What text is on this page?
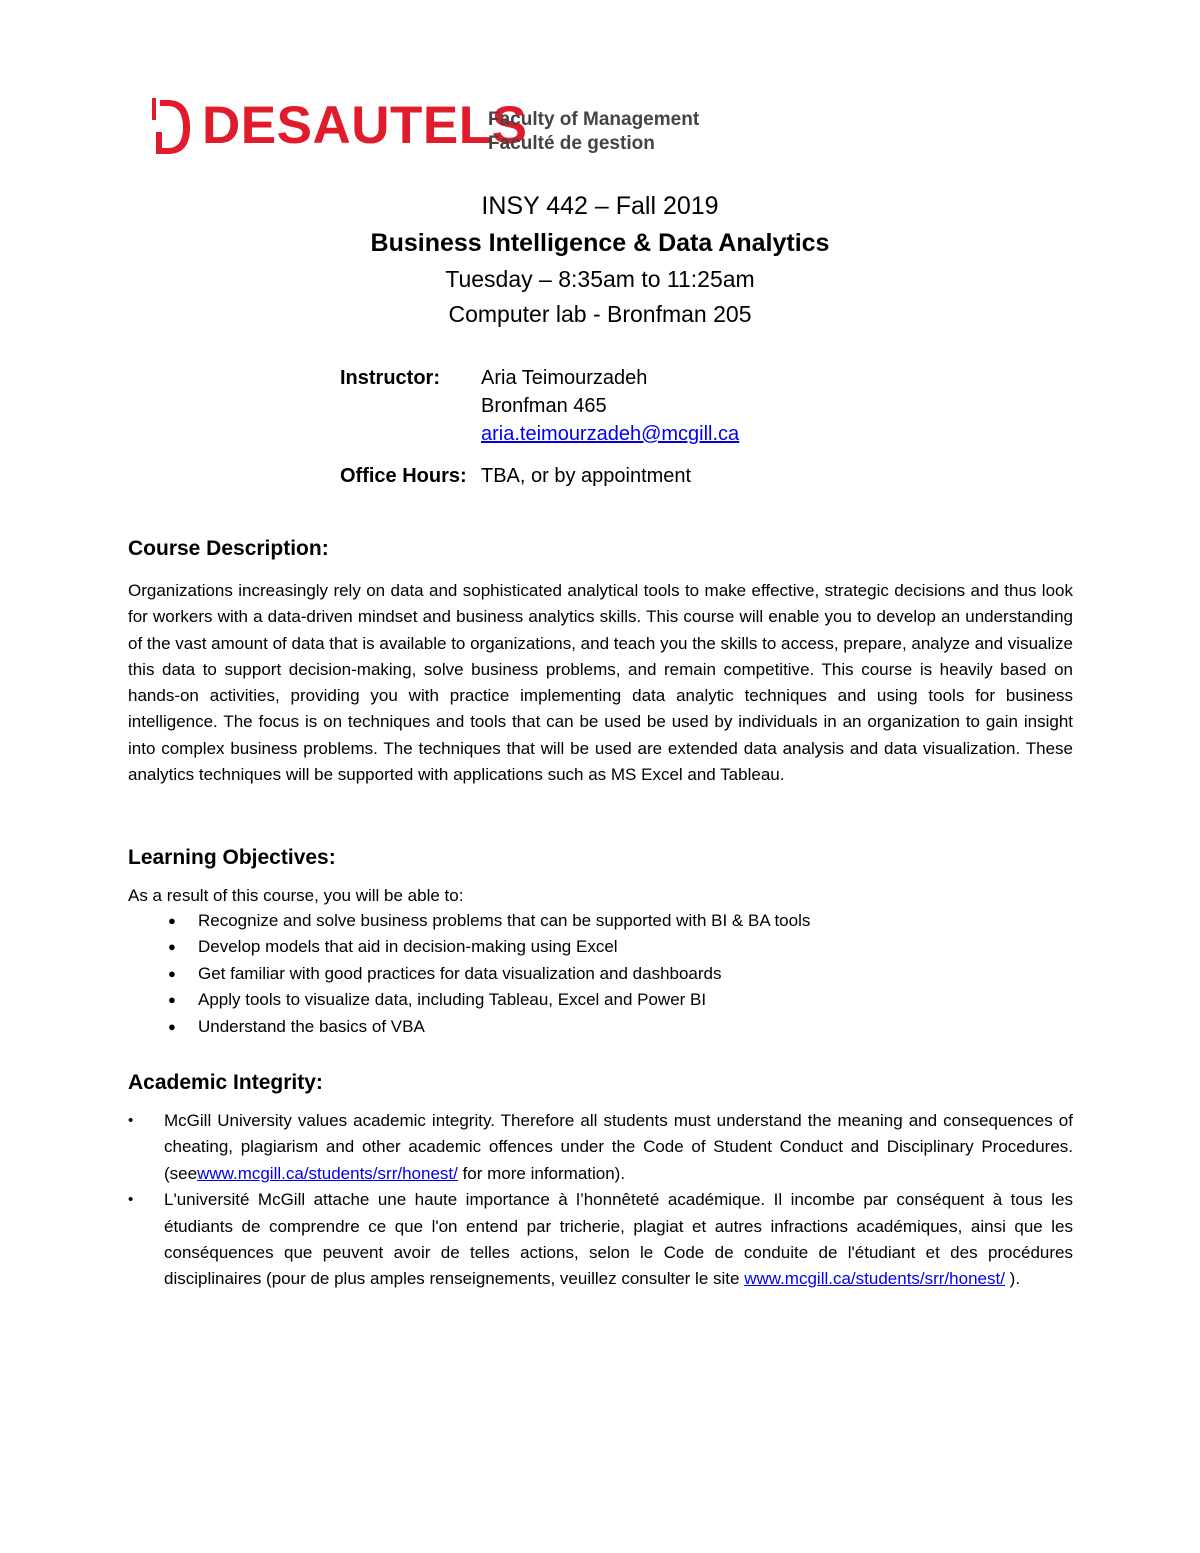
DESAUTELS
Faculty of Management
Faculté de gestion
INSY 442 – Fall 2019
Business Intelligence & Data Analytics
Tuesday – 8:35am to 11:25am
Computer lab - Bronfman 205
Instructor: Aria Teimourzadeh
Bronfman 465
aria.teimourzadeh@mcgill.ca
Office Hours: TBA, or by appointment
Course Description:
Organizations increasingly rely on data and sophisticated analytical tools to make effective, strategic decisions and thus look for workers with a data-driven mindset and business analytics skills. This course will enable you to develop an understanding of the vast amount of data that is available to organizations, and teach you the skills to access, prepare, analyze and visualize this data to support decision-making, solve business problems, and remain competitive. This course is heavily based on hands-on activities, providing you with practice implementing data analytic techniques and using tools for business intelligence. The focus is on techniques and tools that can be used be used by individuals in an organization to gain insight into complex business problems. The techniques that will be used are extended data analysis and data visualization. These analytics techniques will be supported with applications such as MS Excel and Tableau.
Learning Objectives:
As a result of this course, you will be able to:
● Recognize and solve business problems that can be supported with BI & BA tools
● Develop models that aid in decision-making using Excel
● Get familiar with good practices for data visualization and dashboards
● Apply tools to visualize data, including Tableau, Excel and Power BI
● Understand the basics of VBA
Academic Integrity:
• McGill University values academic integrity. Therefore all students must understand the meaning and consequences of cheating, plagiarism and other academic offences under the Code of Student Conduct and Disciplinary Procedures. (seewww.mcgill.ca/students/srr/honest/ for more information).
• L'université McGill attache une haute importance à l’honnêteté académique. Il incombe par conséquent à tous les étudiants de comprendre ce que l'on entend par tricherie, plagiat et autres infractions académiques, ainsi que les conséquences que peuvent avoir de telles actions, selon le Code de conduite de l'étudiant et des procédures disciplinaires (pour de plus amples renseignements, veuillez consulter le site www.mcgill.ca/students/srr/honest/ ).
